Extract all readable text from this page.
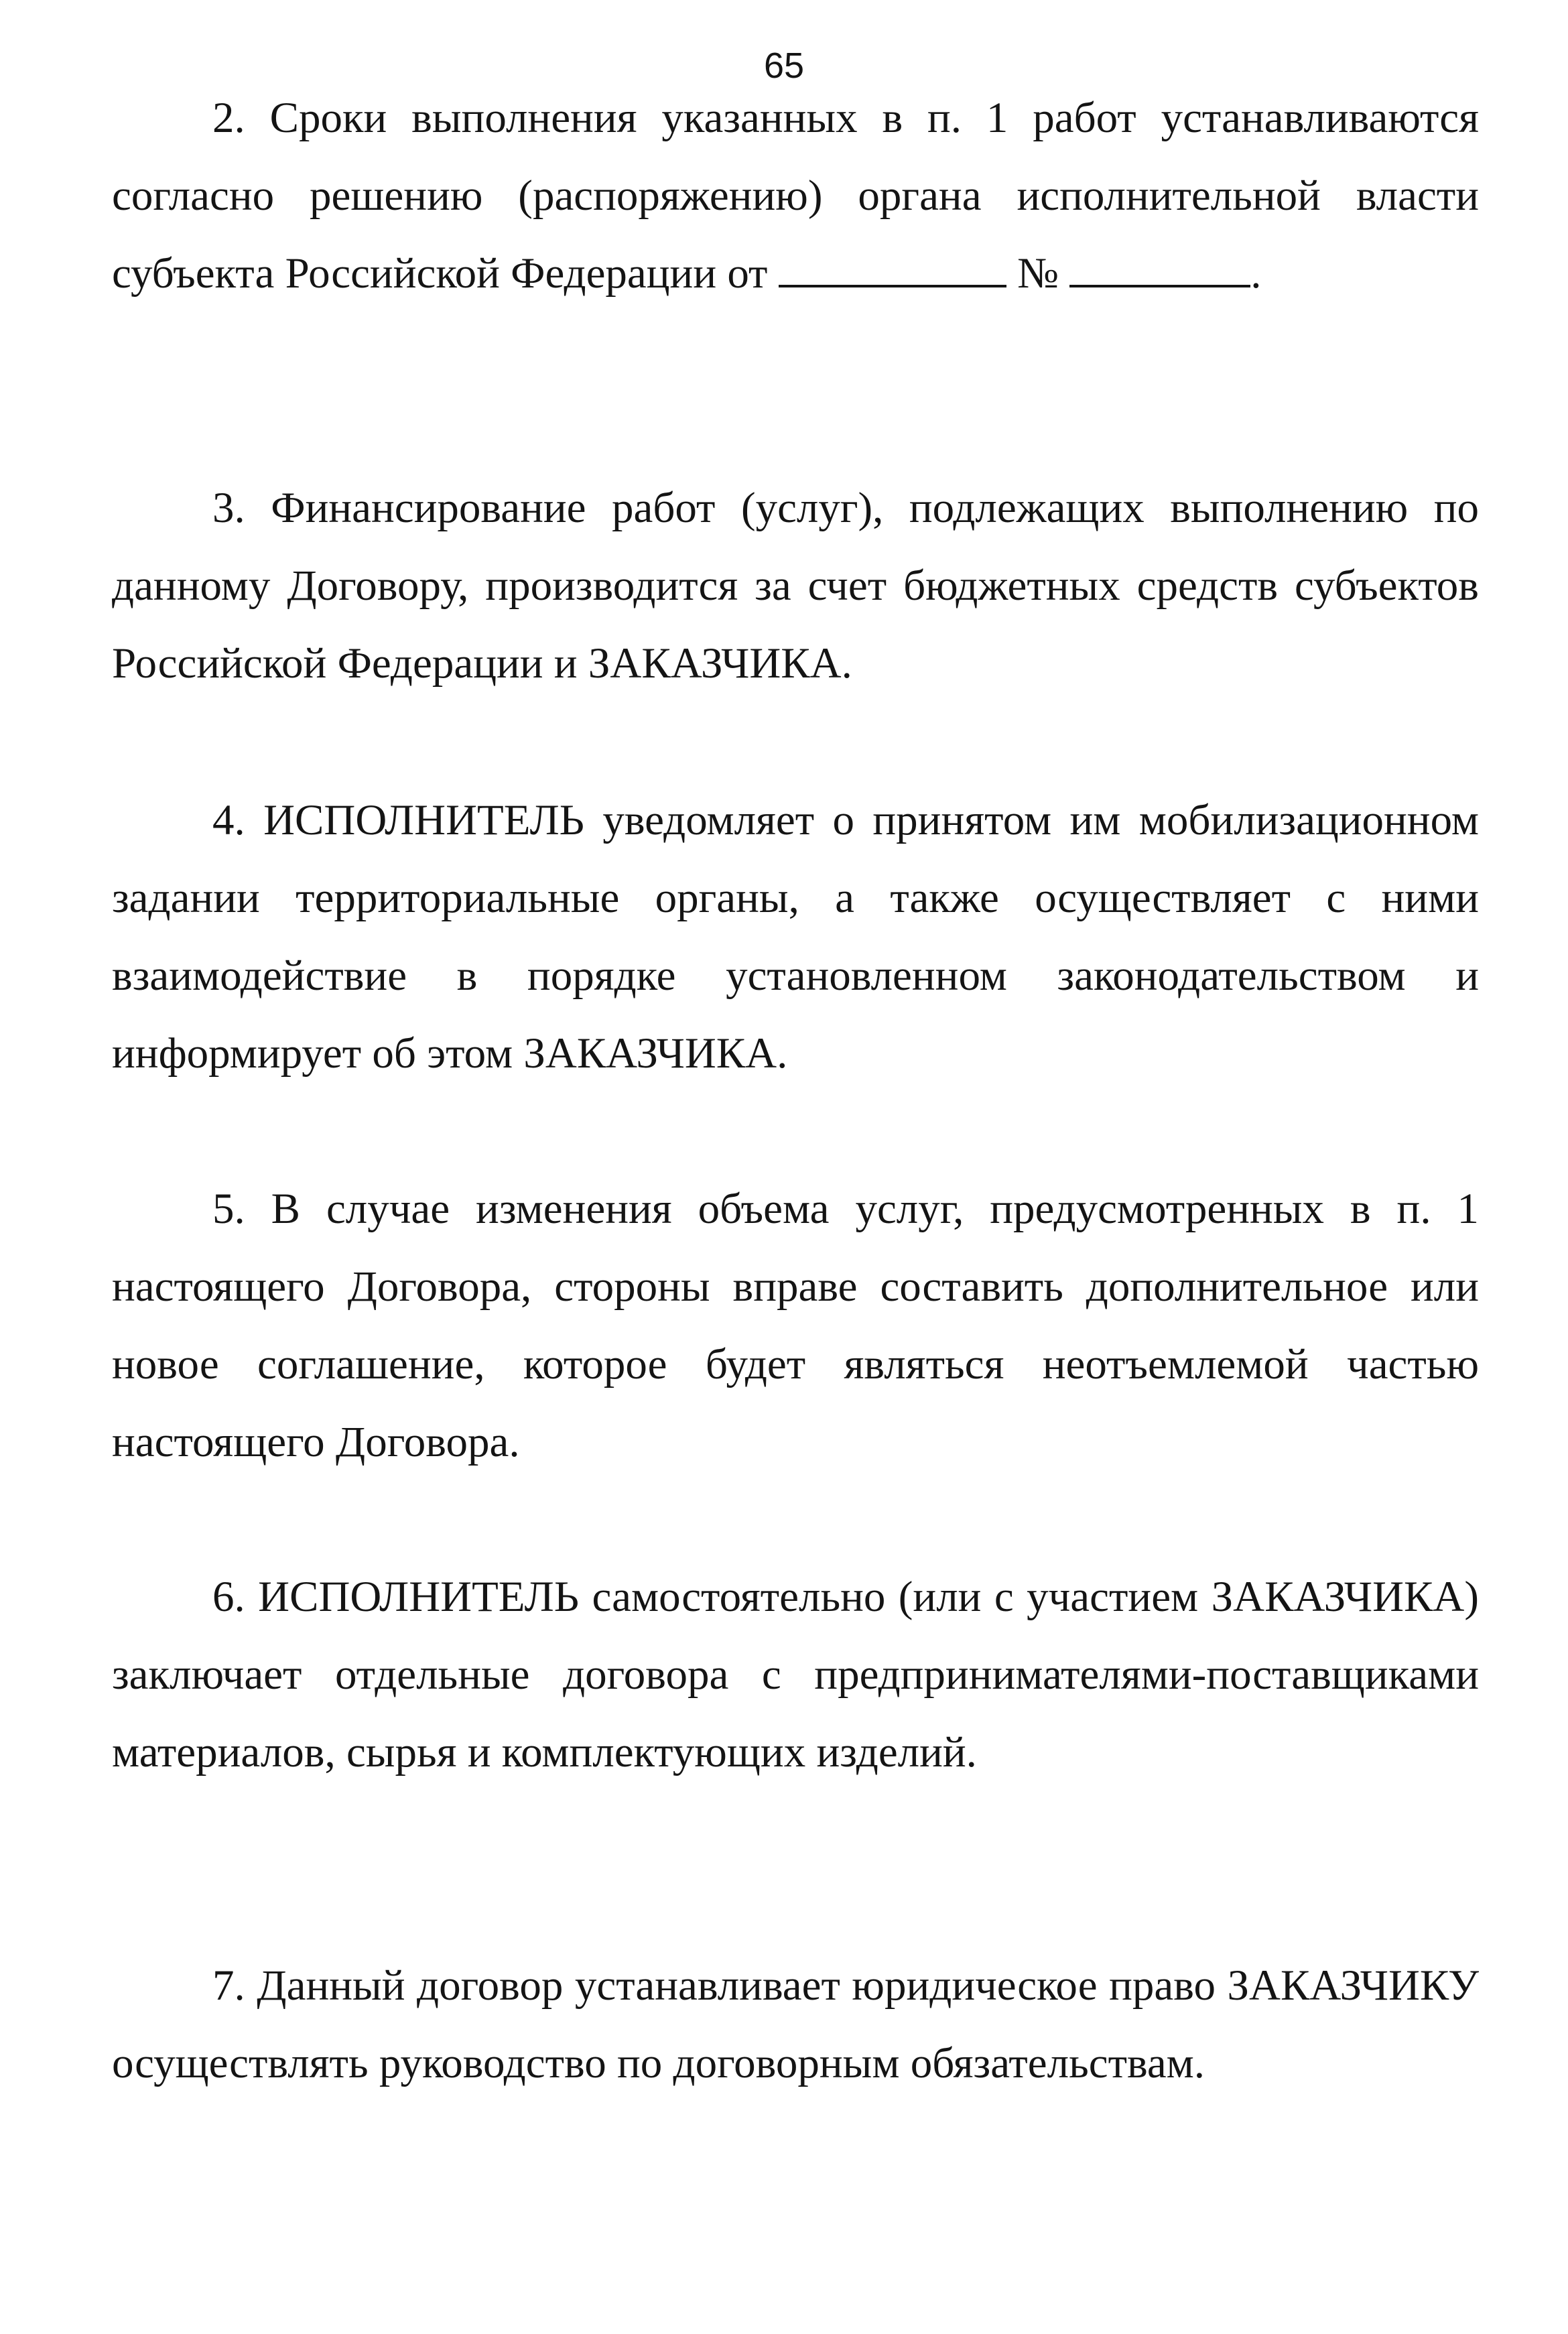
65

2. Сроки выполнения указанных в п. 1 работ устанавливаются согласно решению (распоряжению) органа исполнительной власти субъекта Российской Федерации от	№	.

3. Финансирование работ (услуг), подлежащих выполнению по данному Договору, производится за счет бюджетных средств субъектов Российской Федерации и ЗАКАЗЧИКА.

4. ИСПОЛНИТЕЛЬ уведомляет о принятом им мобилизационном задании территориальные органы, а также осуществляет с ними взаимодействие в порядке установленном законодательством и информирует об этом ЗАКАЗЧИКА.

5. В случае изменения объема услуг, предусмотренных в п. 1 настоящего Договора, стороны вправе составить дополнительное или новое соглашение, которое будет являться неотъемлемой частью настоящего Договора.

6. ИСПОЛНИТЕЛЬ самостоятельно (или с участием ЗАКАЗЧИКА) заключает отдельные договора с предпринимателями-поставщиками материалов, сырья и комплектующих изделий.

7. Данный договор устанавливает юридическое право ЗАКАЗЧИКУ осуществлять руководство по договорным обязательствам.
